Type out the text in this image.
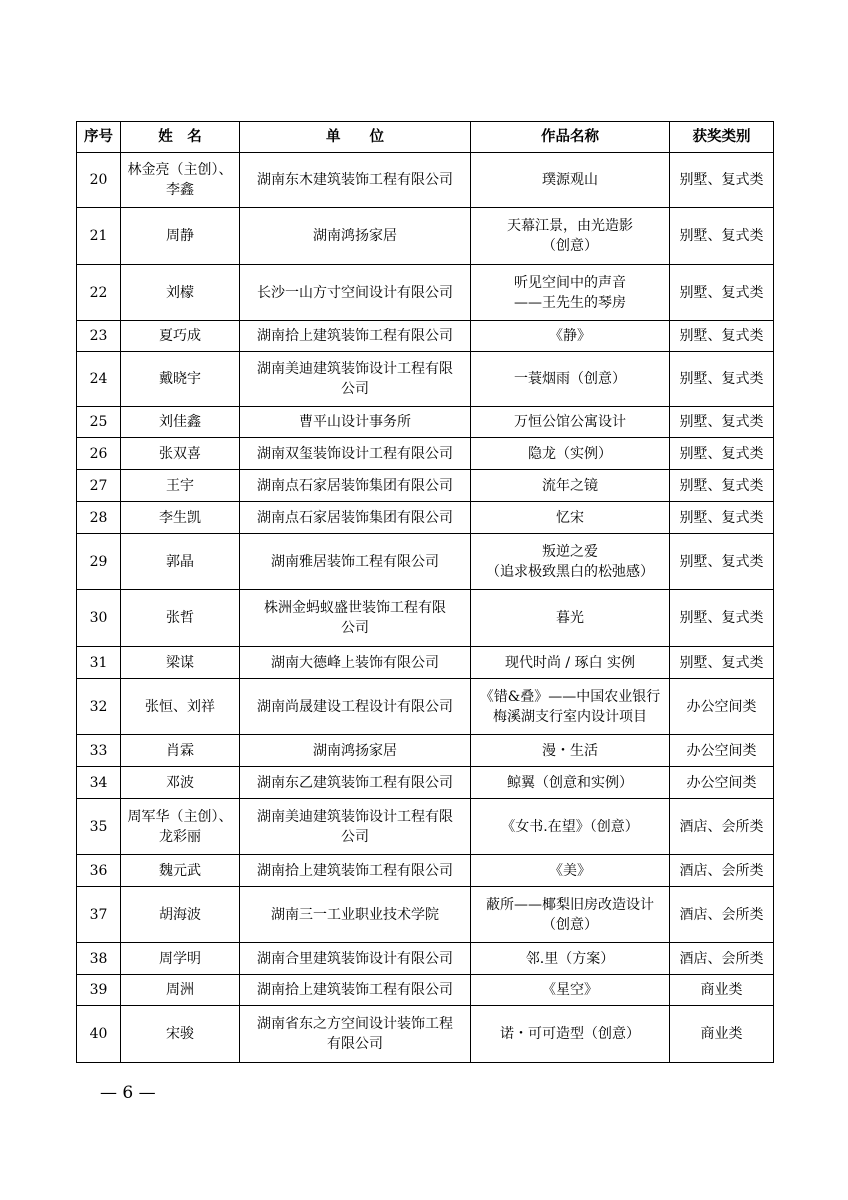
序号	姓　名	单　　位	作品名称	获奖类别
20	林金亮（主创）、
李鑫	湖南东木建筑装饰工程有限公司	璞源观山	别墅、复式类
21	周静	湖南鸿扬家居	天幕江景，由光造影
（创意）	别墅、复式类
22	刘檬	长沙一山方寸空间设计有限公司	听见空间中的声音
——王先生的琴房	别墅、复式类
23	夏巧成	湖南拾上建筑装饰工程有限公司	《静》	别墅、复式类
24	戴晓宇	湖南美迪建筑装饰设计工程有限
公司	一蓑烟雨（创意）	别墅、复式类
25	刘佳鑫	曹平山设计事务所	万恒公馆公寓设计	别墅、复式类
26	张双喜	湖南双玺装饰设计工程有限公司	隐龙（实例）	别墅、复式类
27	王宇	湖南点石家居装饰集团有限公司	流年之镜	别墅、复式类
28	李生凯	湖南点石家居装饰集团有限公司	忆宋	别墅、复式类
29	郭晶	湖南雅居装饰工程有限公司	叛逆之爱
（追求极致黑白的松弛感）	别墅、复式类
30	张哲	株洲金蚂蚁盛世装饰工程有限
公司	暮光	别墅、复式类
31	梁谋	湖南大德峰上装饰有限公司	现代时尚 / 琢白 实例	别墅、复式类
32	张恒、刘祥	湖南尚晟建设工程设计有限公司	《错&叠》——中国农业银行
梅溪湖支行室内设计项目	办公空间类
33	肖霖	湖南鸿扬家居	漫・生活	办公空间类
34	邓波	湖南东乙建筑装饰工程有限公司	鲸翼（创意和实例）	办公空间类
35	周军华（主创）、
龙彩丽	湖南美迪建筑装饰设计工程有限
公司	《女书.在望》（创意）	酒店、会所类
36	魏元武	湖南拾上建筑装饰工程有限公司	《美》	酒店、会所类
37	胡海波	湖南三一工业职业技术学院	蔽所——椰梨旧房改造设计
（创意）	酒店、会所类
38	周学明	湖南合里建筑装饰设计有限公司	邻.里（方案）	酒店、会所类
39	周洲	湖南拾上建筑装饰工程有限公司	《星空》	商业类
40	宋骏	湖南省东之方空间设计装饰工程
有限公司	诺・可可造型（创意）	商业类
— 6 —
